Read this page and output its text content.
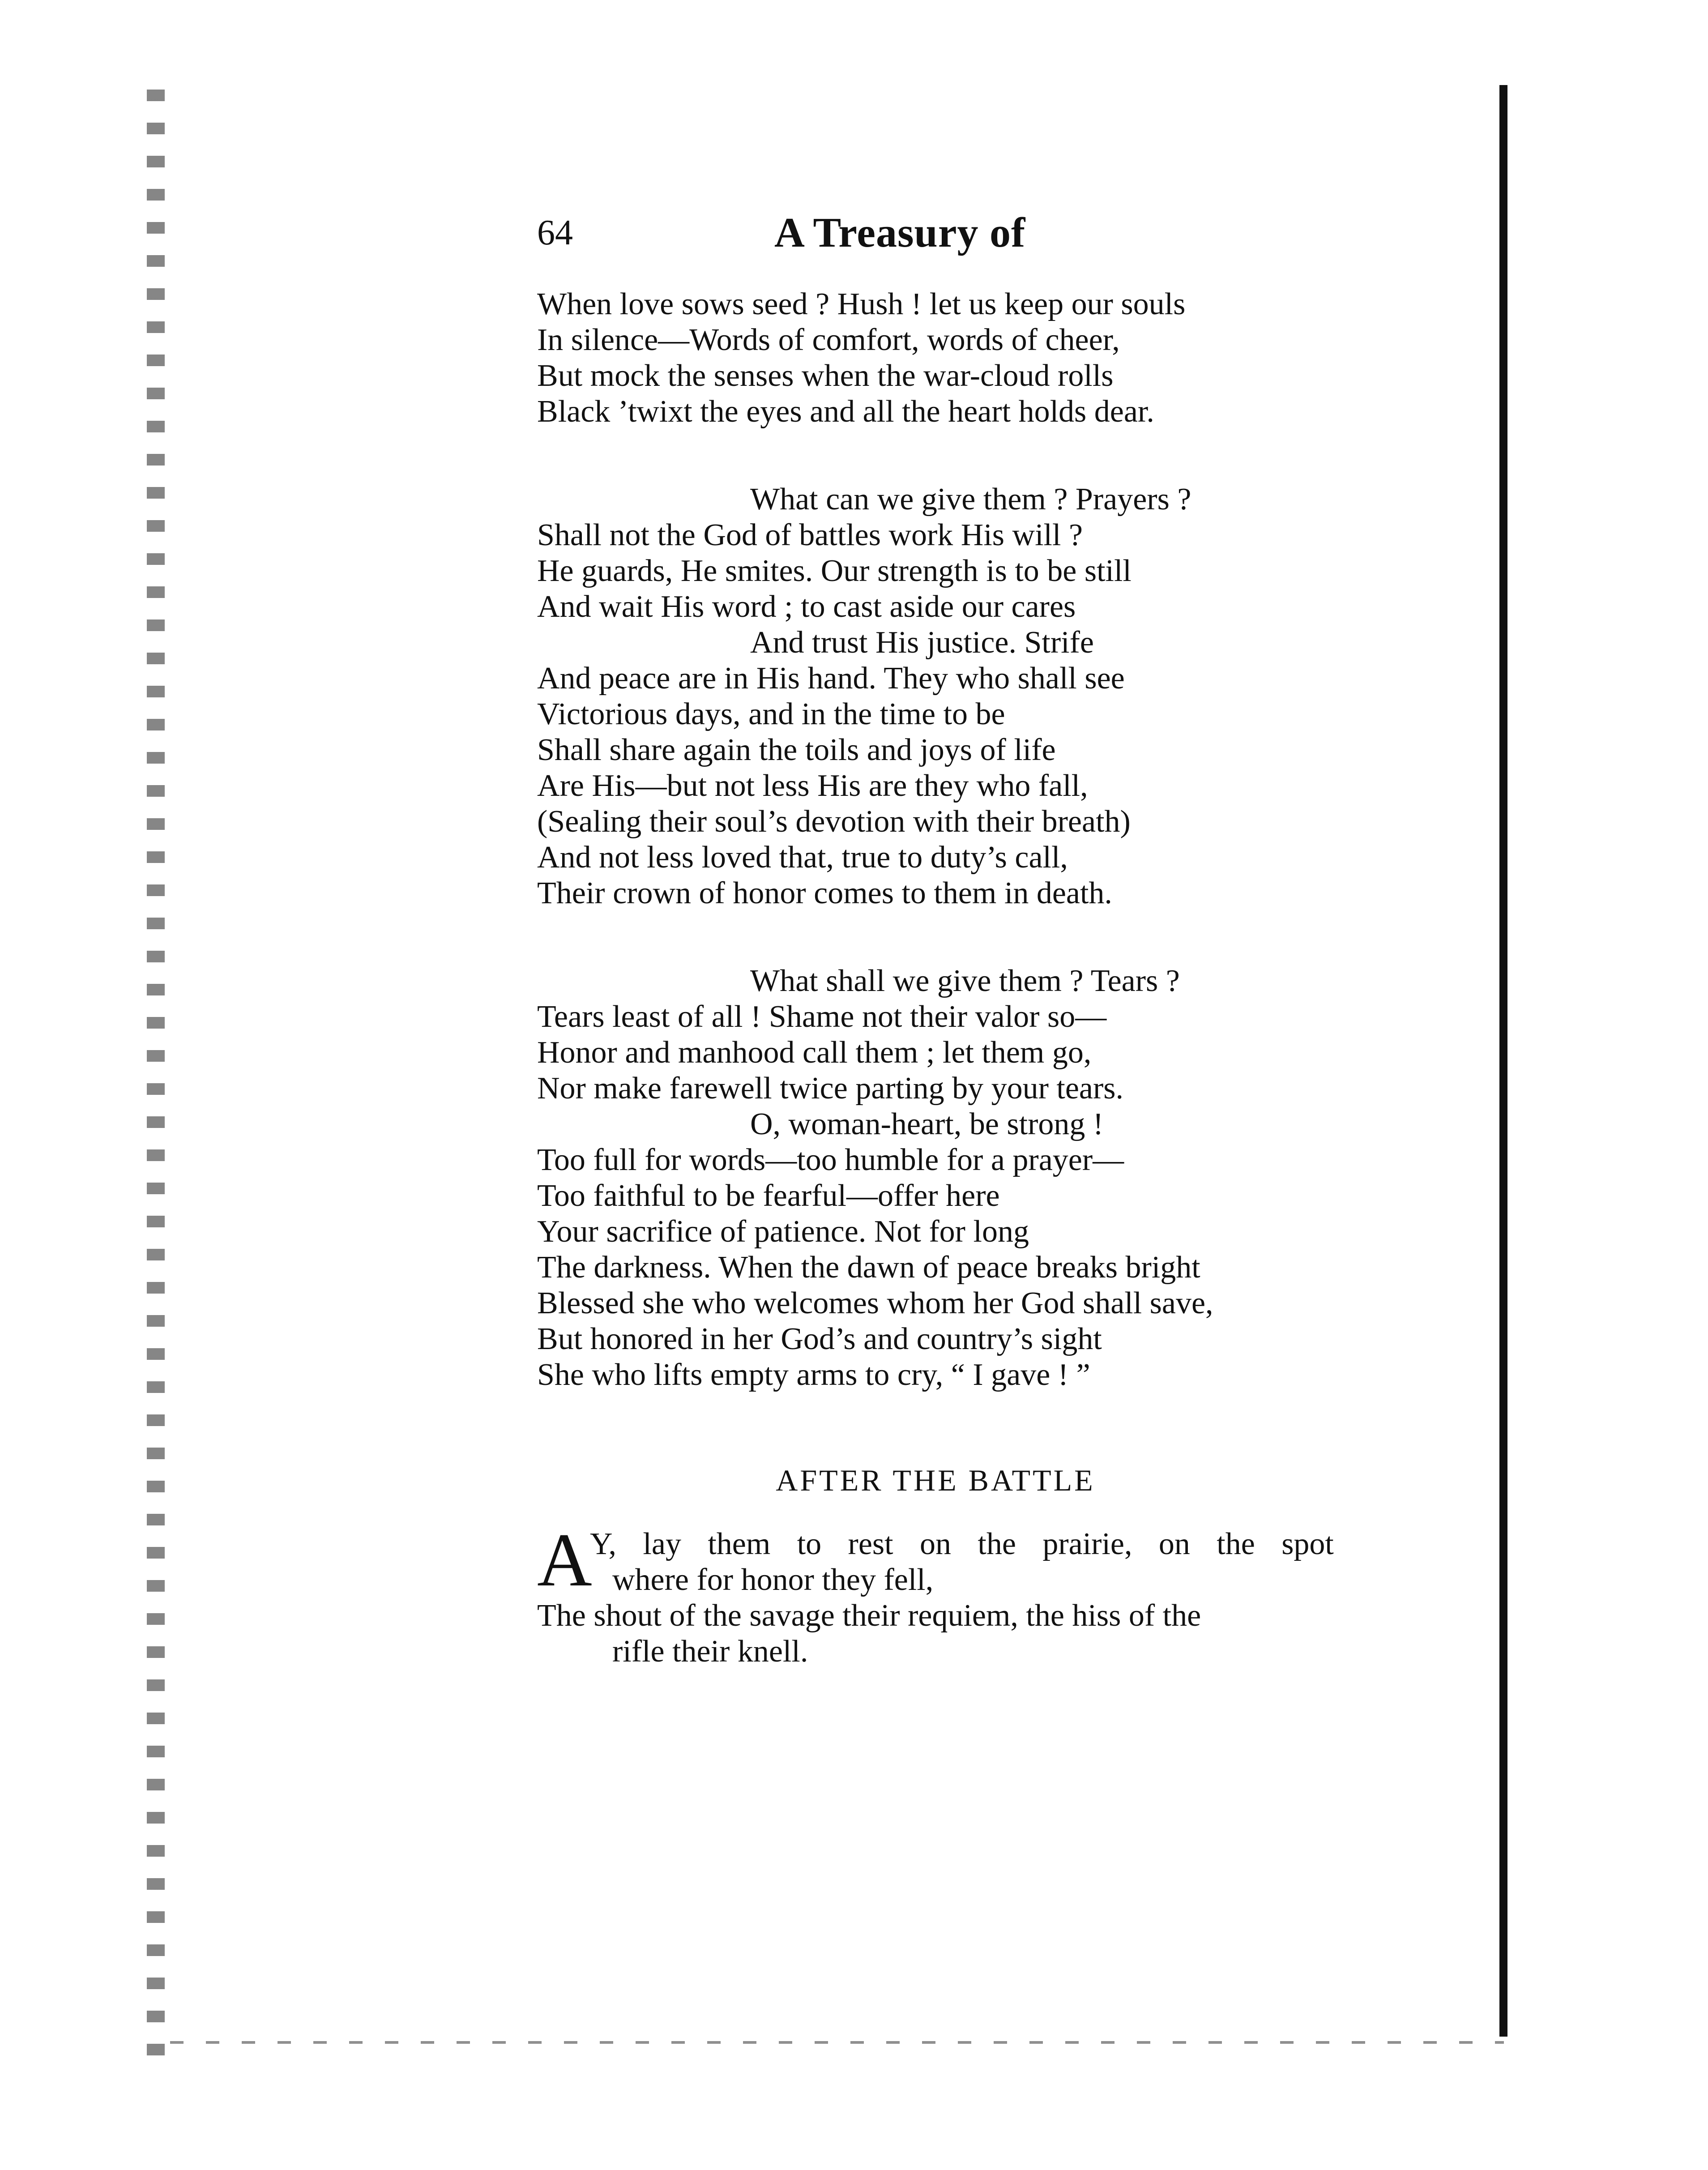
64	A Treasury of
When love sows seed ? Hush ! let us keep our souls
In silence—Words of comfort, words of cheer,
But mock the senses when the war-cloud rolls
Black ’twixt the eyes and all the heart holds dear.
What can we give them ? Prayers ?
Shall not the God of battles work His will ?
He guards, He smites. Our strength is to be still
And wait His word ; to cast aside our cares
And trust His justice. Strife
And peace are in His hand. They who shall see
Victorious days, and in the time to be
Shall share again the toils and joys of life
Are His—but not less His are they who fall,
(Sealing their soul’s devotion with their breath)
And not less loved that, true to duty’s call,
Their crown of honor comes to them in death.
What shall we give them ? Tears ?
Tears least of all ! Shame not their valor so—
Honor and manhood call them ; let them go,
Nor make farewell twice parting by your tears.
O, woman-heart, be strong !
Too full for words—too humble for a prayer—
Too faithful to be fearful—offer here
Your sacrifice of patience. Not for long
The darkness. When the dawn of peace breaks bright
Blessed she who welcomes whom her God shall save,
But honored in her God’s and country’s sight
She who lifts empty arms to cry, “ I gave ! ”
AFTER THE BATTLE
A
Y, lay them to rest on the prairie, on the spot
where for honor they fell,
The shout of the savage their requiem, the hiss of the
rifle their knell.
